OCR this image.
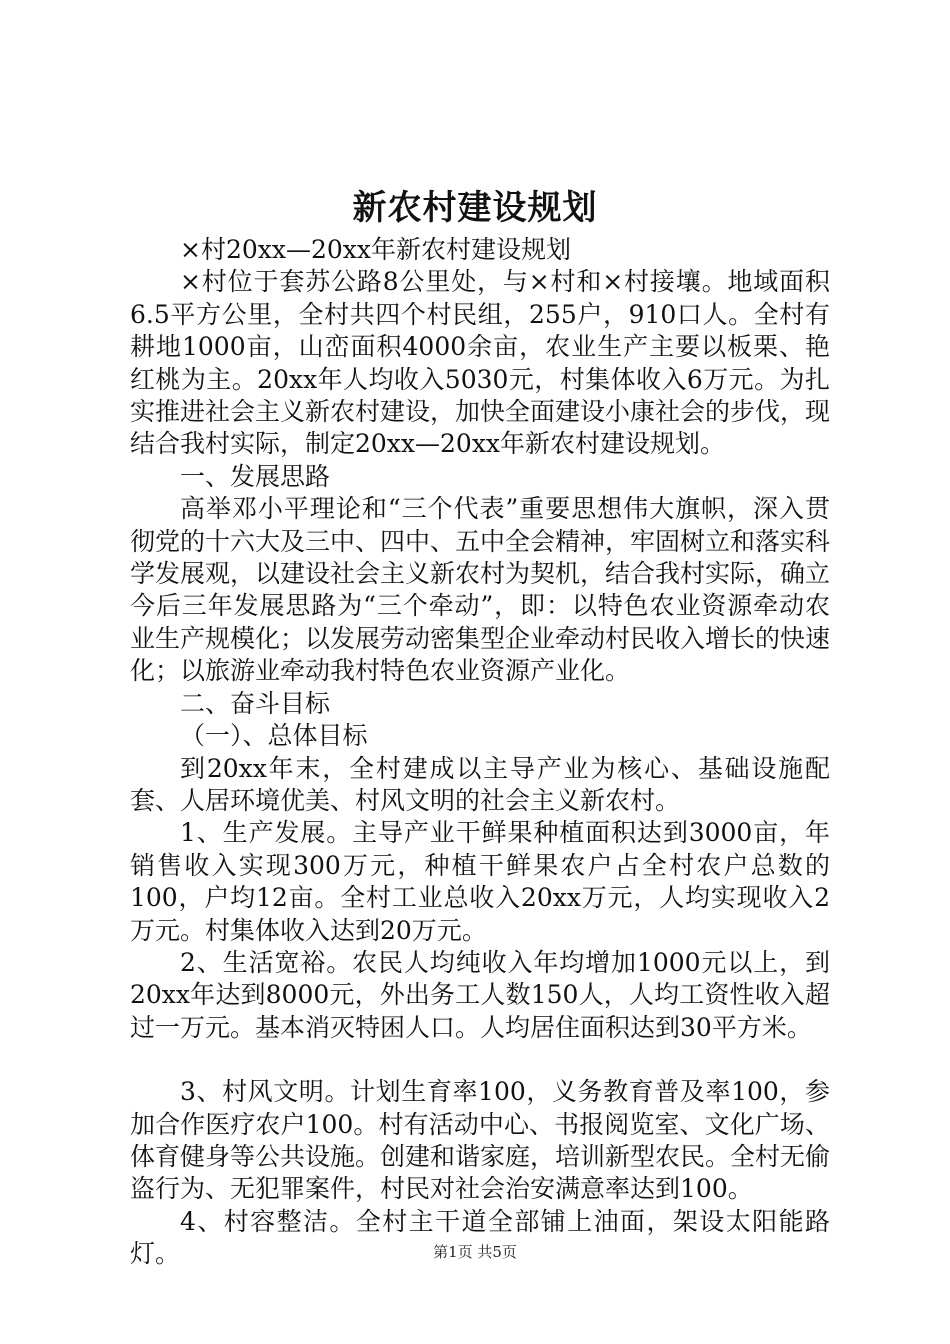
新农村建设规划

×村20xx—20xx年新农村建设规划

×村位于套苏公路8公里处，与×村和×村接壤。地域面积6.5平方公里，全村共四个村民组，255户，910口人。全村有耕地1000亩，山峦面积4000余亩，农业生产主要以板栗、艳红桃为主。20xx年人均收入5030元，村集体收入6万元。为扎实推进社会主义新农村建设，加快全面建设小康社会的步伐，现结合我村实际，制定20xx—20xx年新农村建设规划。

一、发展思路

高举邓小平理论和“三个代表”重要思想伟大旗帜，深入贯彻党的十六大及三中、四中、五中全会精神，牢固树立和落实科学发展观，以建设社会主义新农村为契机，结合我村实际，确立今后三年发展思路为“三个牵动”，即：以特色农业资源牵动农业生产规模化；以发展劳动密集型企业牵动村民收入增长的快速化；以旅游业牵动我村特色农业资源产业化。

二、奋斗目标

（一）、总体目标

到20xx年末，全村建成以主导产业为核心、基础设施配套、人居环境优美、村风文明的社会主义新农村。

1、生产发展。主导产业干鲜果种植面积达到3000亩，年销售收入实现300万元，种植干鲜果农户占全村农户总数的100，户均12亩。全村工业总收入20xx万元，人均实现收入2万元。村集体收入达到20万元。

2、生活宽裕。农民人均纯收入年均增加1000元以上，到20xx年达到8000元，外出务工人数150人，人均工资性收入超过一万元。基本消灭特困人口。人均居住面积达到30平方米。

3、村风文明。计划生育率100，义务教育普及率100，参加合作医疗农户100。村有活动中心、书报阅览室、文化广场、体育健身等公共设施。创建和谐家庭，培训新型农民。全村无偷盗行为、无犯罪案件，村民对社会治安满意率达到100。

4、村容整洁。全村主干道全部铺上油面，架设太阳能路灯。	第1页 共5页
